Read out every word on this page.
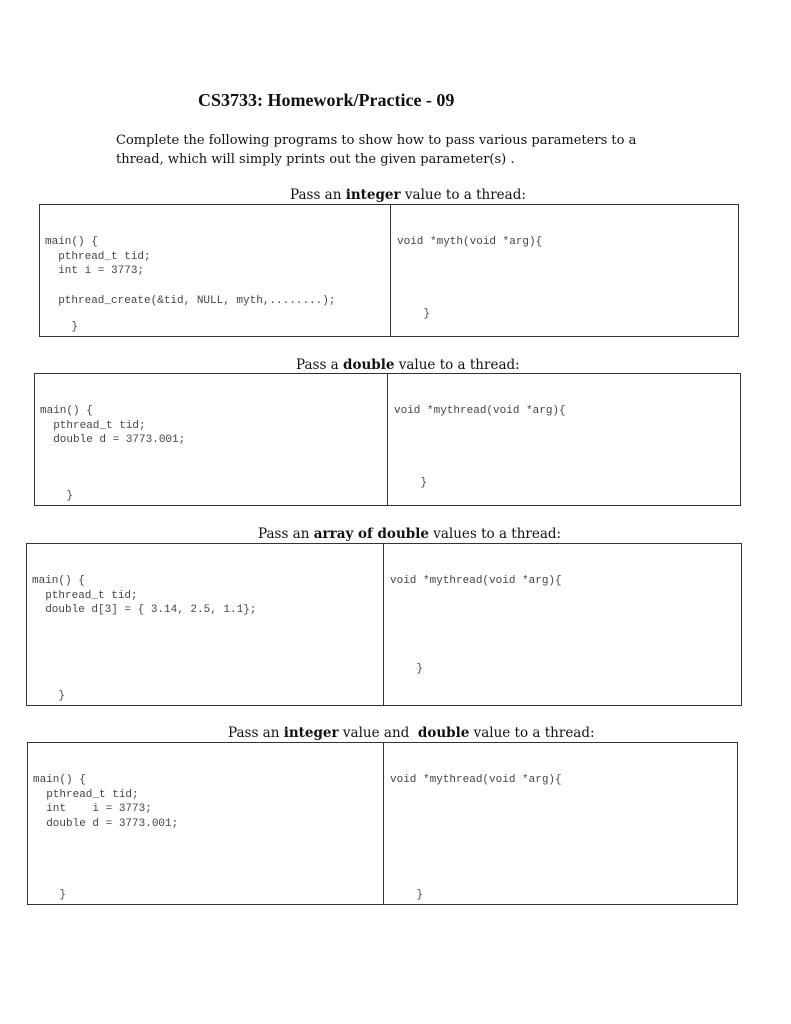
CS3733: Homework/Practice - 09
Complete the following programs to show how to pass various parameters to a thread, which will simply prints out the given parameter(s) .
Pass an integer value to a thread:

main() {
pthread_t tid;
int i = 3773;

pthread_create(&tid, NULL, myth,........);

}

void *myth(void *arg){

}

Pass a double value to a thread:

main() {
pthread_t tid;
double d = 3773.001;

}

void *mythread(void *arg){

}

Pass an array of double values to a thread:

main() {
pthread_t tid;
double d[3] = { 3.14, 2.5, 1.1};

}

void *mythread(void *arg){

}

Pass an integer value and  double value to a thread:

main() {
pthread_t tid;
int    i = 3773;
double d = 3773.001;

}

void *mythread(void *arg){

}
